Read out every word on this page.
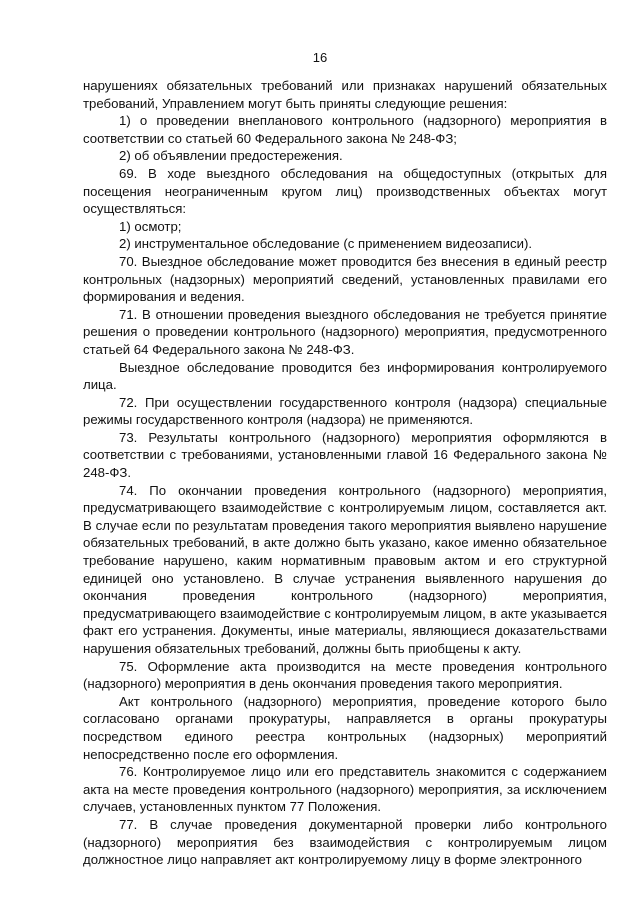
16

нарушениях обязательных требований или признаках нарушений обязательных требований, Управлением могут быть приняты следующие решения:

1) о проведении внепланового контрольного (надзорного) мероприятия в соответствии со статьей 60 Федерального закона № 248-ФЗ;

2) об объявлении предостережения.

69. В ходе выездного обследования на общедоступных (открытых для посещения неограниченным кругом лиц) производственных объектах могут осуществляться:

1) осмотр;

2) инструментальное обследование (с применением видеозаписи).

70. Выездное обследование может проводится без внесения в единый реестр контрольных (надзорных) мероприятий сведений, установленных правилами его формирования и ведения.

71. В отношении проведения выездного обследования не требуется принятие решения о проведении контрольного (надзорного) мероприятия, предусмотренного статьей 64 Федерального закона № 248-ФЗ.

Выездное обследование проводится без информирования контролируемого лица.

72. При осуществлении государственного контроля (надзора) специальные режимы государственного контроля (надзора) не применяются.

73. Результаты контрольного (надзорного) мероприятия оформляются в соответствии с требованиями, установленными главой 16 Федерального закона № 248-ФЗ.

74. По окончании проведения контрольного (надзорного) мероприятия, предусматривающего взаимодействие с контролируемым лицом, составляется акт. В случае если по результатам проведения такого мероприятия выявлено нарушение обязательных требований, в акте должно быть указано, какое именно обязательное требование нарушено, каким нормативным правовым актом и его структурной единицей оно установлено. В случае устранения выявленного нарушения до окончания проведения контрольного (надзорного) мероприятия, предусматривающего взаимодействие с контролируемым лицом, в акте указывается факт его устранения. Документы, иные материалы, являющиеся доказательствами нарушения обязательных требований, должны быть приобщены к акту.

75. Оформление акта производится на месте проведения контрольного (надзорного) мероприятия в день окончания проведения такого мероприятия.

Акт контрольного (надзорного) мероприятия, проведение которого было согласовано органами прокуратуры, направляется в органы прокуратуры посредством единого реестра контрольных (надзорных) мероприятий непосредственно после его оформления.

76. Контролируемое лицо или его представитель знакомится с содержанием акта на месте проведения контрольного (надзорного) мероприятия, за исключением случаев, установленных пунктом 77 Положения.

77. В случае проведения документарной проверки либо контрольного (надзорного) мероприятия без взаимодействия с контролируемым лицом должностное лицо направляет акт контролируемому лицу в форме электронного
